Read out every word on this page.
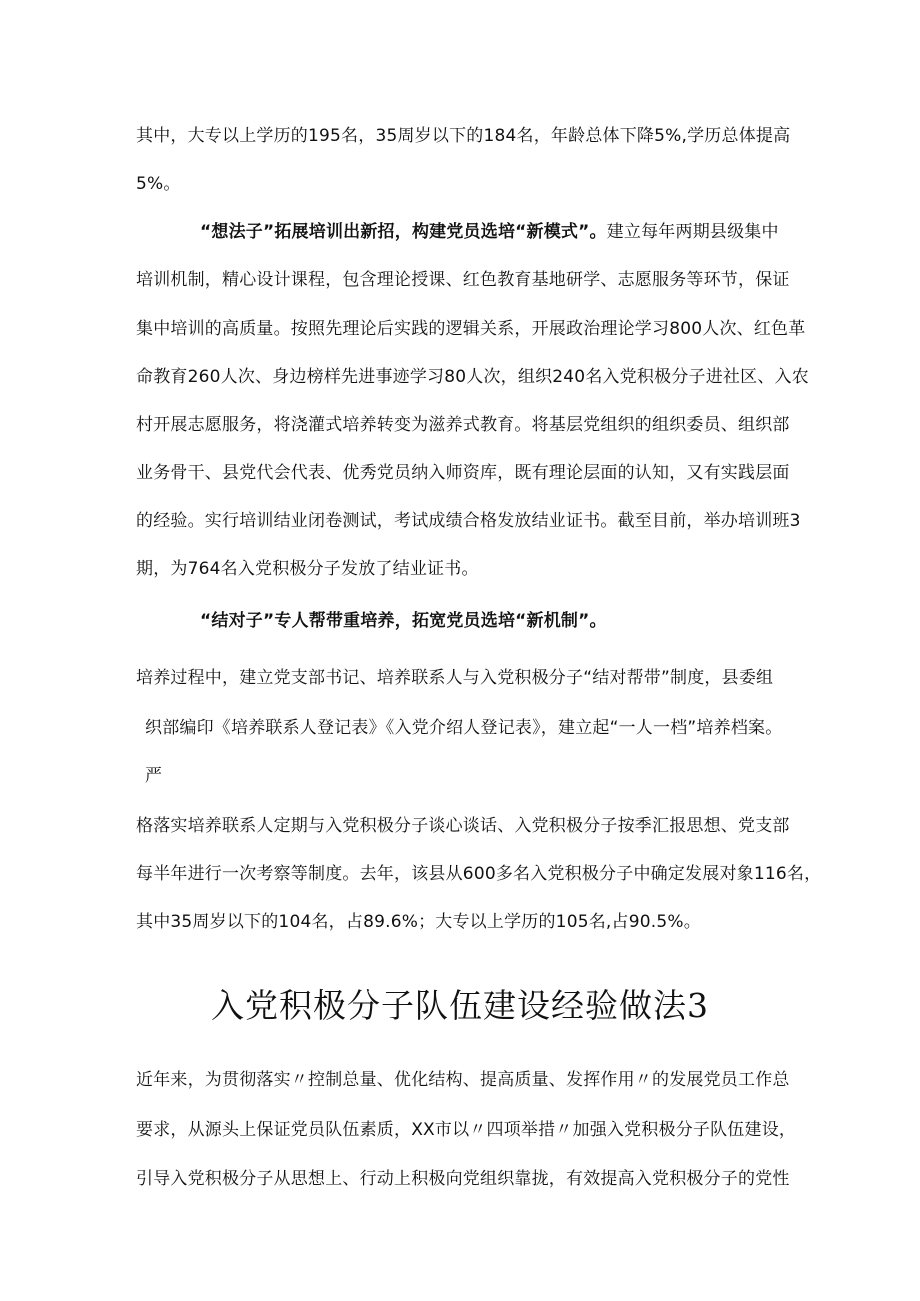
其中，大专以上学历的195名，35周岁以下的184名，年龄总体下降5%,学历总体提高
5%。
“想法子”拓展培训出新招，构建党员选培“新模式”。建立每年两期县级集中
培训机制，精心设计课程，包含理论授课、红色教育基地研学、志愿服务等环节，保证
集中培训的高质量。按照先理论后实践的逻辑关系，开展政治理论学习800人次、红色革
命教育260人次、身边榜样先进事迹学习80人次，组织240名入党积极分子进社区、入农
村开展志愿服务，将浇灌式培养转变为滋养式教育。将基层党组织的组织委员、组织部
业务骨干、县党代会代表、优秀党员纳入师资库，既有理论层面的认知，又有实践层面
的经验。实行培训结业闭卷测试，考试成绩合格发放结业证书。截至目前，举办培训班3
期，为764名入党积极分子发放了结业证书。
“结对子”专人帮带重培养，拓宽党员选培“新机制”。
培养过程中，建立党支部书记、培养联系人与入党积极分子“结对帮带”制度，县委组
织部编印《培养联系人登记表》《入党介绍人登记表》，建立起“一人一档”培养档案。
严
格落实培养联系人定期与入党积极分子谈心谈话、入党积极分子按季汇报思想、党支部
每半年进行一次考察等制度。去年，该县从600多名入党积极分子中确定发展对象116名，
其中35周岁以下的104名，占89.6%；大专以上学历的105名,占90.5%。
入党积极分子队伍建设经验做法3
近年来，为贯彻落实〃控制总量、优化结构、提高质量、发挥作用〃的发展党员工作总
要求，从源头上保证党员队伍素质，XX市以〃四项举措〃加强入党积极分子队伍建设，
引导入党积极分子从思想上、行动上积极向党组织靠拢，有效提高入党积极分子的党性
